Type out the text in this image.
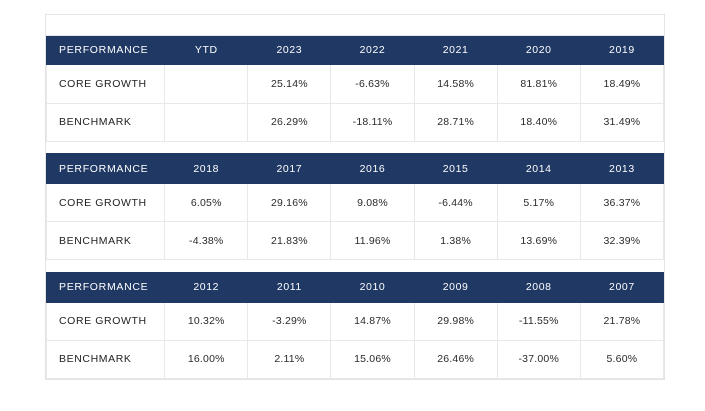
PERFORMANCE	YTD	2023	2022	2021	2020	2019
CORE GROWTH		25.14%	-6.63%	14.58%	81.81%	18.49%
BENCHMARK		26.29%	-18.11%	28.71%	18.40%	31.49%

PERFORMANCE	2018	2017	2016	2015	2014	2013
CORE GROWTH	6.05%	29.16%	9.08%	-6.44%	5.17%	36.37%
BENCHMARK	-4.38%	21.83%	11.96%	1.38%	13.69%	32.39%

PERFORMANCE	2012	2011	2010	2009	2008	2007
CORE GROWTH	10.32%	-3.29%	14.87%	29.98%	-11.55%	21.78%
BENCHMARK	16.00%	2.11%	15.06%	26.46%	-37.00%	5.60%
